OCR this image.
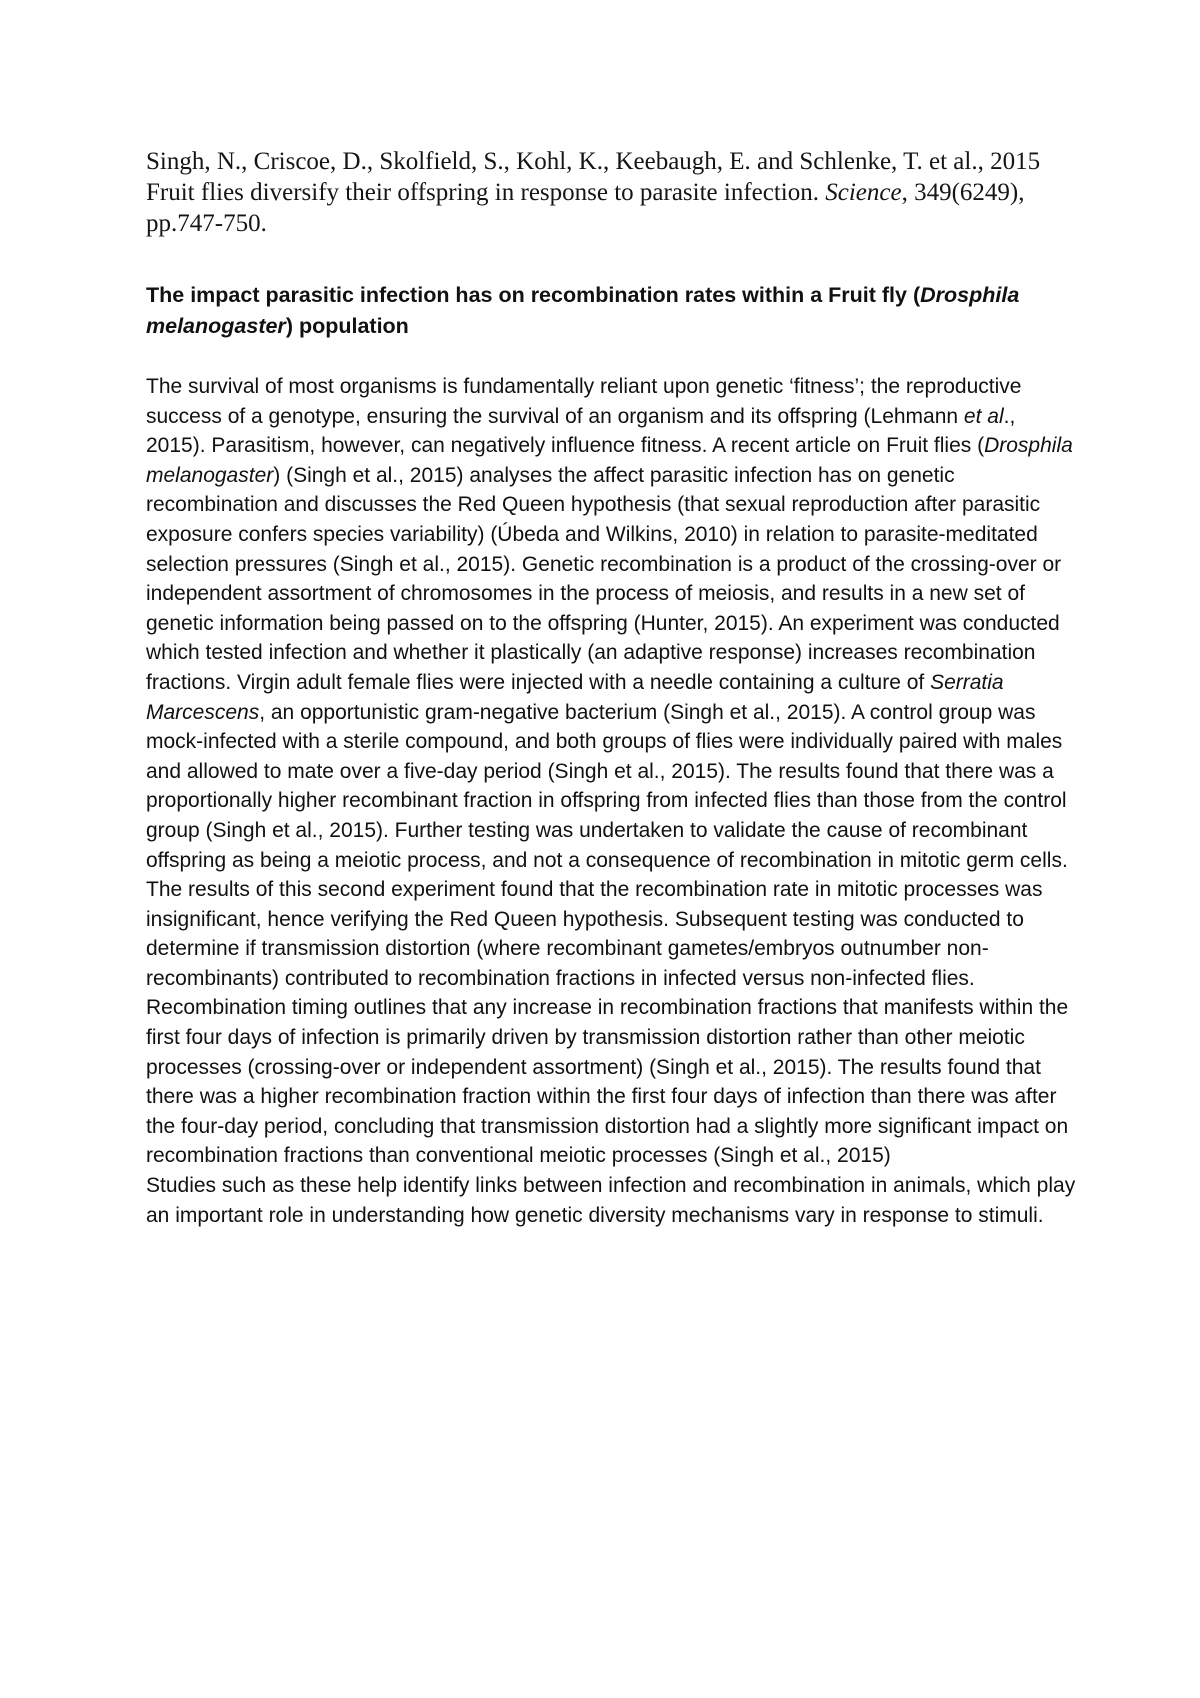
Singh, N., Criscoe, D., Skolfield, S., Kohl, K., Keebaugh, E. and Schlenke, T. et al., 2015 Fruit flies diversify their offspring in response to parasite infection. Science, 349(6249), pp.747-750.
The impact parasitic infection has on recombination rates within a Fruit fly (Drosphila melanogaster) population

The survival of most organisms is fundamentally reliant upon genetic ‘fitness’; the reproductive success of a genotype, ensuring the survival of an organism and its offspring (Lehmann et al., 2015). Parasitism, however, can negatively influence fitness. A recent article on Fruit flies (Drosphila melanogaster) (Singh et al., 2015) analyses the affect parasitic infection has on genetic recombination and discusses the Red Queen hypothesis (that sexual reproduction after parasitic exposure confers species variability) (Úbeda and Wilkins, 2010) in relation to parasite-meditated selection pressures (Singh et al., 2015). Genetic recombination is a product of the crossing-over or independent assortment of chromosomes in the process of meiosis, and results in a new set of genetic information being passed on to the offspring (Hunter, 2015). An experiment was conducted which tested infection and whether it plastically (an adaptive response) increases recombination fractions. Virgin adult female flies were injected with a needle containing a culture of Serratia Marcescens, an opportunistic gram-negative bacterium (Singh et al., 2015). A control group was mock-infected with a sterile compound, and both groups of flies were individually paired with males and allowed to mate over a five-day period (Singh et al., 2015). The results found that there was a proportionally higher recombinant fraction in offspring from infected flies than those from the control group (Singh et al., 2015). Further testing was undertaken to validate the cause of recombinant offspring as being a meiotic process, and not a consequence of recombination in mitotic germ cells. The results of this second experiment found that the recombination rate in mitotic processes was insignificant, hence verifying the Red Queen hypothesis. Subsequent testing was conducted to determine if transmission distortion (where recombinant gametes/embryos outnumber non-recombinants) contributed to recombination fractions in infected versus non-infected flies. Recombination timing outlines that any increase in recombination fractions that manifests within the first four days of infection is primarily driven by transmission distortion rather than other meiotic processes (crossing-over or independent assortment) (Singh et al., 2015). The results found that there was a higher recombination fraction within the first four days of infection than there was after the four-day period, concluding that transmission distortion had a slightly more significant impact on recombination fractions than conventional meiotic processes (Singh et al., 2015)

Studies such as these help identify links between infection and recombination in animals, which play an important role in understanding how genetic diversity mechanisms vary in response to stimuli.
